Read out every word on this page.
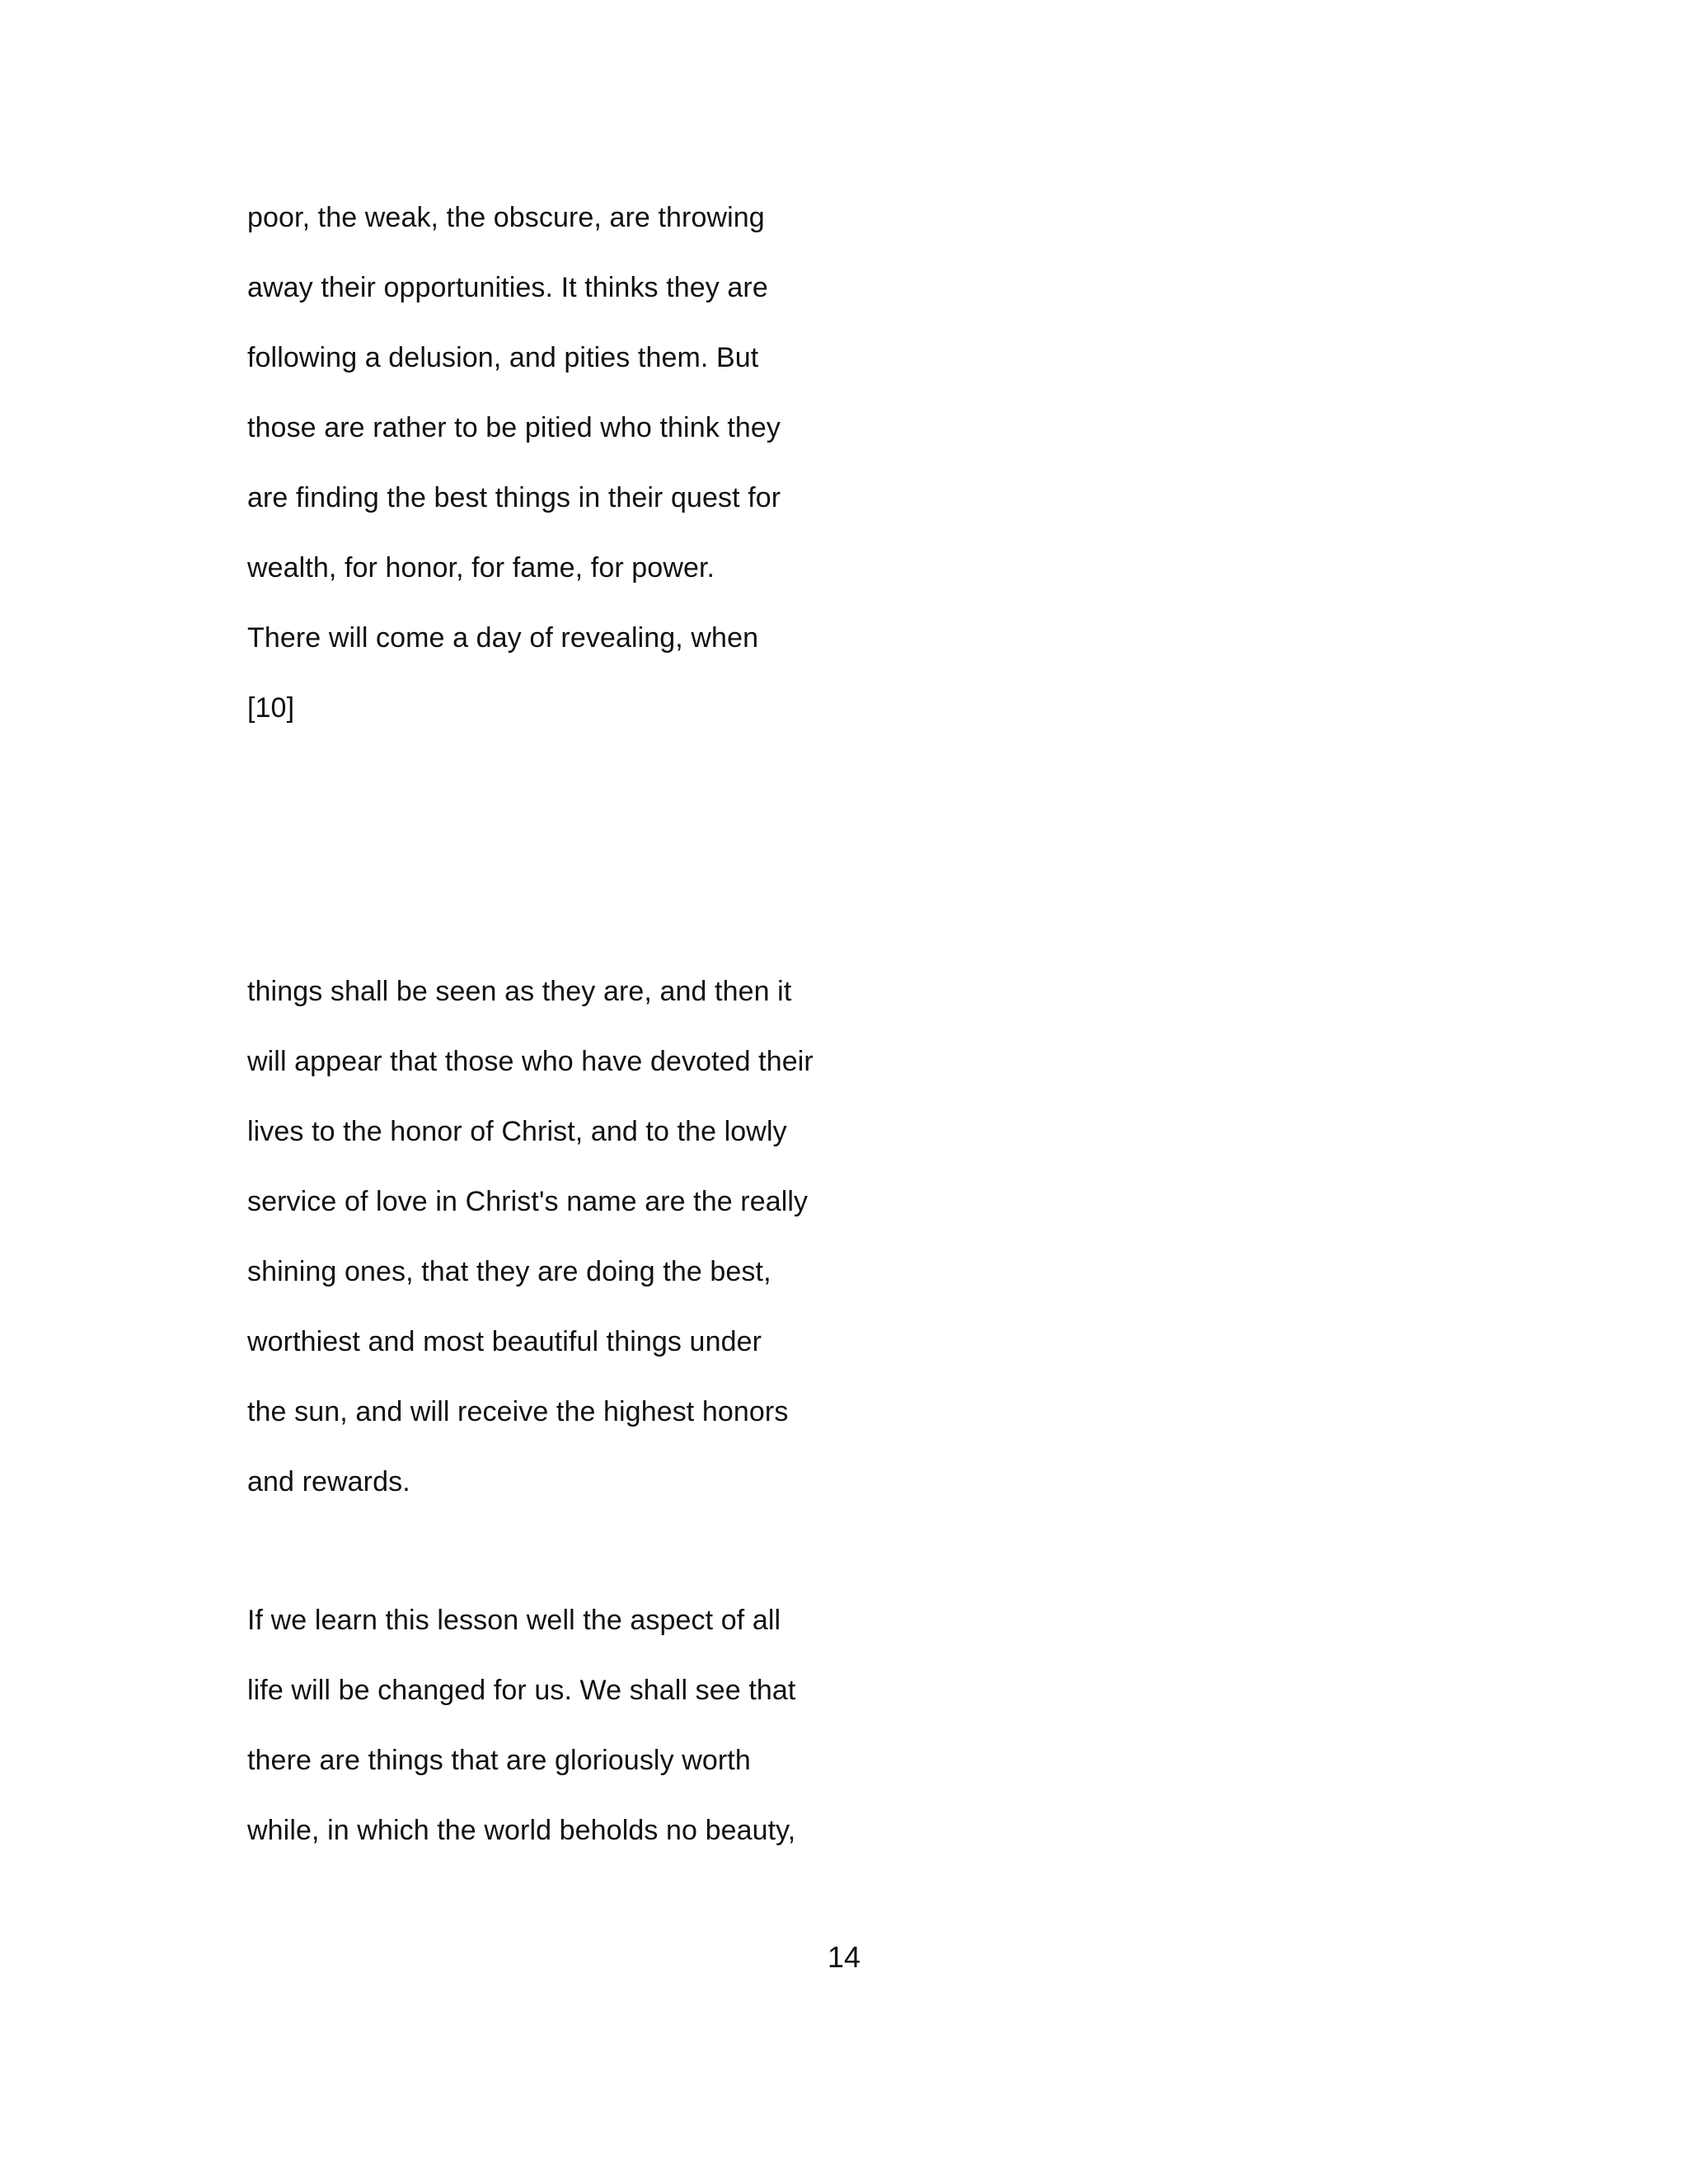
poor, the weak, the obscure, are throwing
away their opportunities. It thinks they are
following a delusion, and pities them. But
those are rather to be pitied who think they
are finding the best things in their quest for
wealth, for honor, for fame, for power.
There will come a day of revealing, when
[10]
things shall be seen as they are, and then it
will appear that those who have devoted their
lives to the honor of Christ, and to the lowly
service of love in Christ's name are the really
shining ones, that they are doing the best,
worthiest and most beautiful things under
the sun, and will receive the highest honors
and rewards.
If we learn this lesson well the aspect of all
life will be changed for us. We shall see that
there are things that are gloriously worth
while, in which the world beholds no beauty,
14
